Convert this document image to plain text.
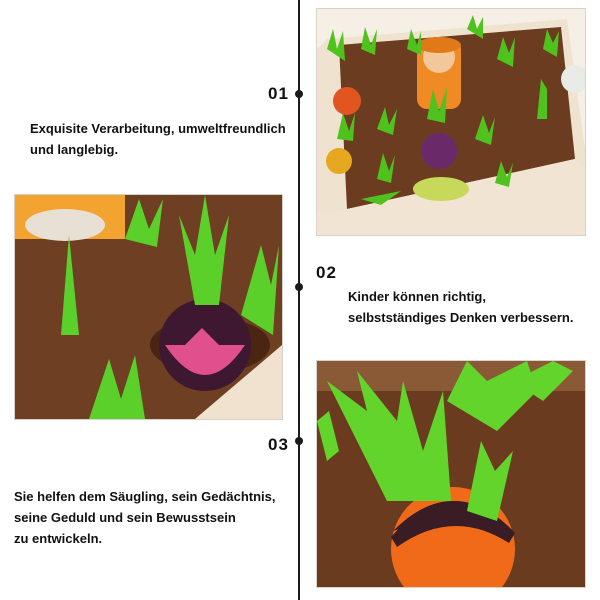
01
Exquisite Verarbeitung, umweltfreundlich
und langlebig.
02
Kinder können richtig,
selbstständiges Denken verbessern.
03
Sie helfen dem Säugling, sein Gedächtnis,
seine Geduld und sein Bewusstsein
zu entwickeln.
